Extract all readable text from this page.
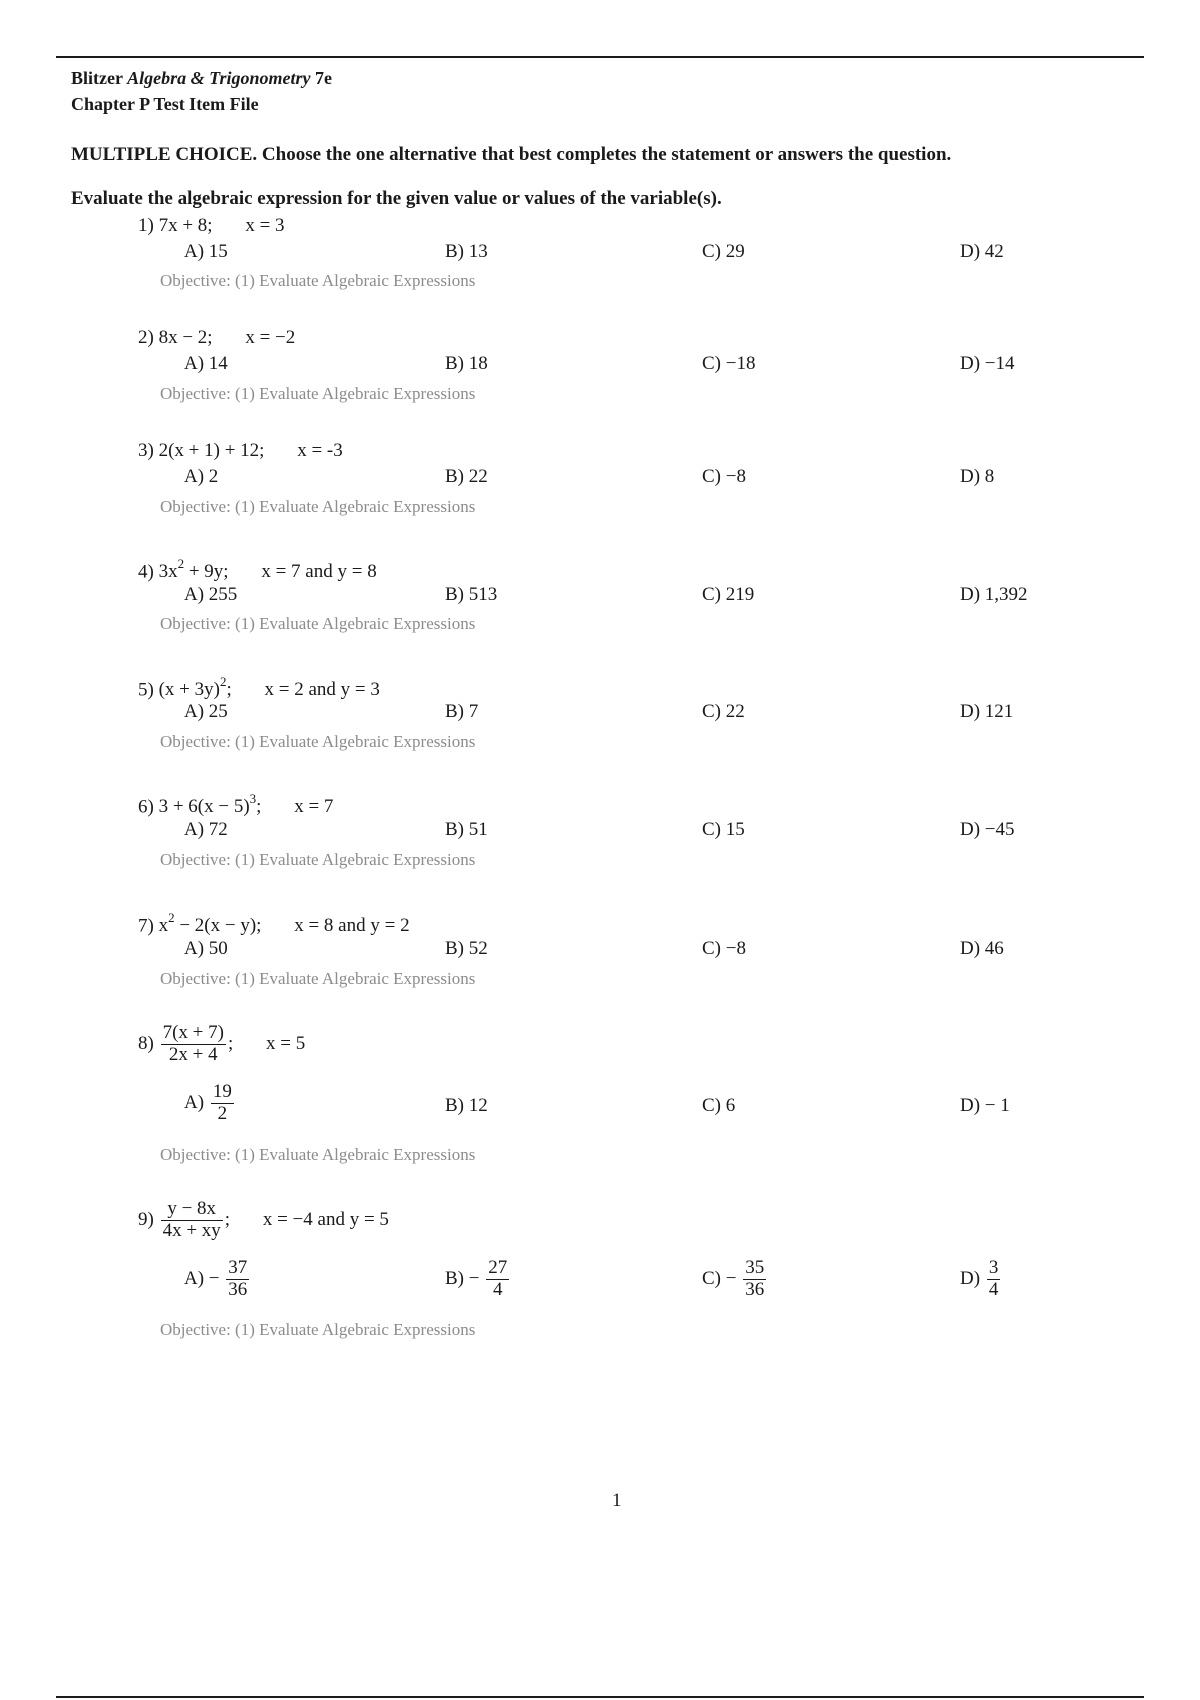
Blitzer Algebra & Trigonometry 7e
Chapter P Test Item File
MULTIPLE CHOICE. Choose the one alternative that best completes the statement or answers the question.
Evaluate the algebraic expression for the given value or values of the variable(s).
1) 7x + 8; x = 3
A) 15	B) 13	C) 29	D) 42
Objective: (1) Evaluate Algebraic Expressions
2) 8x − 2; x = −2
A) 14	B) 18	C) −18	D) −14
Objective: (1) Evaluate Algebraic Expressions
3) 2(x + 1) + 12; x = -3
A) 2	B) 22	C) −8	D) 8
Objective: (1) Evaluate Algebraic Expressions
4) $3x^2 + 9y$; x = 7 and y = 8
A) 255	B) 513	C) 219	D) 1,392
Objective: (1) Evaluate Algebraic Expressions
5) $(x + 3y)^2$; x = 2 and y = 3
A) 25	B) 7	C) 22	D) 121
Objective: (1) Evaluate Algebraic Expressions
6) $3 + 6(x - 5)^3$; x = 7
A) 72	B) 51	C) 15	D) −45
Objective: (1) Evaluate Algebraic Expressions
7) $x^2 - 2(x - y)$; x = 8 and y = 2
A) 50	B) 52	C) −8	D) 46
Objective: (1) Evaluate Algebraic Expressions
$8) \frac{7(x + 7)}{2x + 4}$ ; x = 5
$A) \frac{19}{2}$	B) 12	C) 6	D) − 1
Objective: (1) Evaluate Algebraic Expressions
$9) \frac{y - 8x}{4x + xy}$ ; x = −4 and y = 5
$A) - \frac{37}{36}$	$B) - \frac{27}{4}$	$C) - \frac{35}{36}$	$D) \frac{3}{4}$
Objective: (1) Evaluate Algebraic Expressions
1
